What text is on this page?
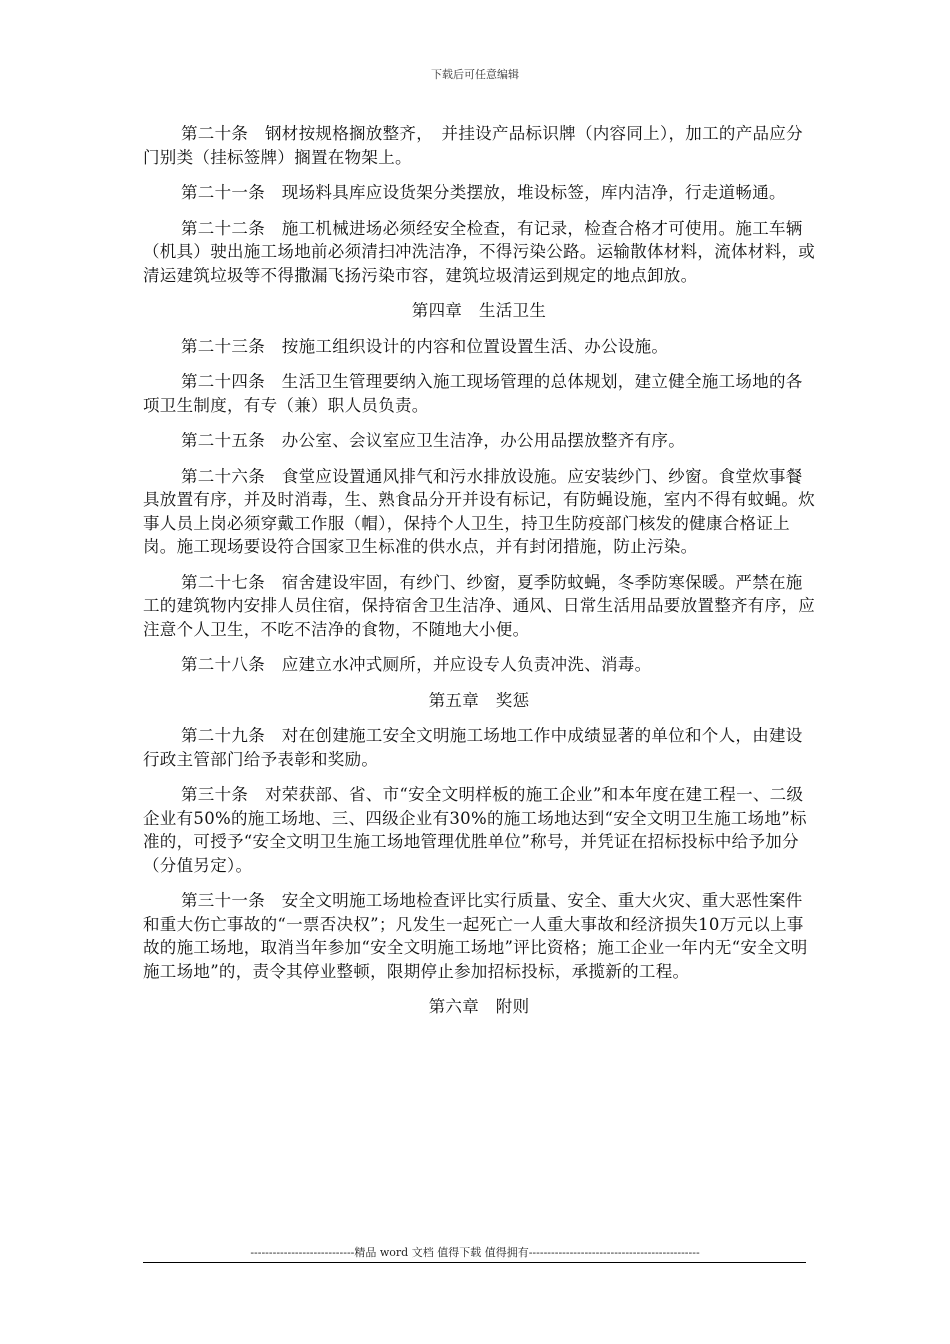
下载后可任意编辑

第二十条　钢材按规格搁放整齐，　并挂设产品标识牌（内容同上），加工的产品应分门别类（挂标签牌）搁置在物架上。

第二十一条　现场料具库应设货架分类摆放，堆设标签，库内洁净，行走道畅通。

第二十二条　施工机械进场必须经安全检查，有记录，检查合格才可使用。施工车辆（机具）驶出施工场地前必须清扫冲洗洁净，不得污染公路。运输散体材料，流体材料，或清运建筑垃圾等不得撒漏飞扬污染市容，建筑垃圾清运到规定的地点卸放。

第四章　生活卫生

第二十三条　按施工组织设计的内容和位置设置生活、办公设施。

第二十四条　生活卫生管理要纳入施工现场管理的总体规划，建立健全施工场地的各项卫生制度，有专（兼）职人员负责。

第二十五条　办公室、会议室应卫生洁净，办公用品摆放整齐有序。

第二十六条　食堂应设置通风排气和污水排放设施。应安装纱门、纱窗。食堂炊事餐具放置有序，并及时消毒，生、熟食品分开并设有标记，有防蝇设施，室内不得有蚊蝇。炊事人员上岗必须穿戴工作服（帽），保持个人卫生，持卫生防疫部门核发的健康合格证上岗。施工现场要设符合国家卫生标准的供水点，并有封闭措施，防止污染。

第二十七条　宿舍建设牢固，有纱门、纱窗，夏季防蚊蝇，冬季防寒保暖。严禁在施工的建筑物内安排人员住宿，保持宿舍卫生洁净、通风、日常生活用品要放置整齐有序，应注意个人卫生，不吃不洁净的食物，不随地大小便。

第二十八条　应建立水冲式厕所，并应设专人负责冲洗、消毒。

第五章　奖惩

第二十九条　对在创建施工安全文明施工场地工作中成绩显著的单位和个人，由建设行政主管部门给予表彰和奖励。

第三十条　对荣获部、省、市“安全文明样板的施工企业”和本年度在建工程一、二级企业有50%的施工场地、三、四级企业有30%的施工场地达到“安全文明卫生施工场地”标准的，可授予“安全文明卫生施工场地管理优胜单位”称号，并凭证在招标投标中给予加分（分值另定）。

第三十一条　安全文明施工场地检查评比实行质量、安全、重大火灾、重大恶性案件和重大伤亡事故的“一票否决权”；凡发生一起死亡一人重大事故和经济损失10万元以上事故的施工场地，取消当年参加“安全文明施工场地”评比资格；施工企业一年内无“安全文明施工场地”的，责令其停业整顿，限期停止参加招标投标，承揽新的工程。

第六章　附则

----------------------------精品 word 文档 值得下载 值得拥有----------------------------------------------
